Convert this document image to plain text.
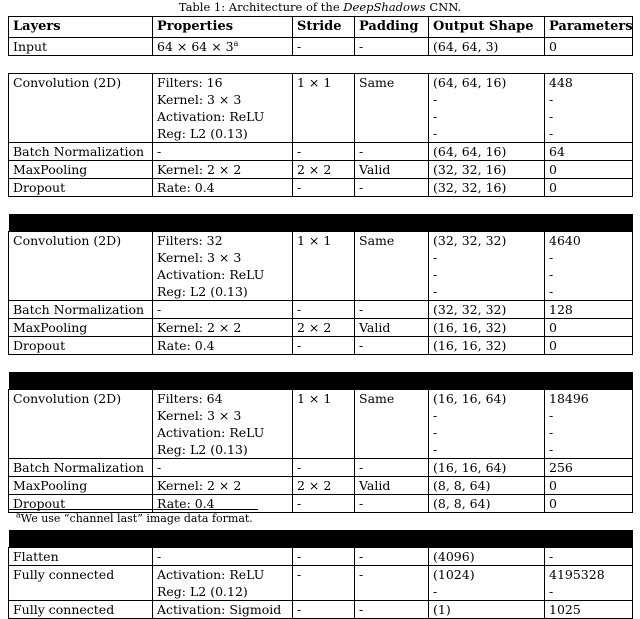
Table 1: Architecture of the DeepShadows CNN.
Layers	Properties	Stride	Padding	Output Shape	Parameters
Input	$64 \times 64 \times 3^a$	-	-	(64, 64, 3)	0

Convolution (2D)	Filters: 16	1 × 1	Same	(64, 64, 16)	448
	Kernel: 3 × 3			-	-
	Activation: ReLU			-	-
	Reg: L2 (0.13)			-	-
Batch Normalization	-	-	-	(64, 64, 16)	64
MaxPooling	Kernel: 2 × 2	2 × 2	Valid	(32, 32, 16)	0
Dropout	Rate: 0.4	-	-	(32, 32, 16)	0

Convolution (2D)	Filters: 32	1 × 1	Same	(32, 32, 32)	4640
	Kernel: 3 × 3			-	-
	Activation: ReLU			-	-
	Reg: L2 (0.13)			-	-
Batch Normalization	-	-	-	(32, 32, 32)	128
MaxPooling	Kernel: 2 × 2	2 × 2	Valid	(16, 16, 32)	0
Dropout	Rate: 0.4	-	-	(16, 16, 32)	0

Convolution (2D)	Filters: 64	1 × 1	Same	(16, 16, 64)	18496
	Kernel: 3 × 3			-	-
	Activation: ReLU			-	-
	Reg: L2 (0.13)			-	-
Batch Normalization	-	-	-	(16, 16, 64)	256
MaxPooling	Kernel: 2 × 2	2 × 2	Valid	(8, 8, 64)	0
Dropout	Rate: 0.4	-	-	(8, 8, 64)	0

Flatten	-	-	-	(4096)	-
Fully connected	Activation: ReLU	-	-	(1024)	4195328
	Reg: L2 (0.12)			-	-
Fully connected	Activation: Sigmoid	-	-	(1)	1025
$^a$We use “channel last” image data format.
